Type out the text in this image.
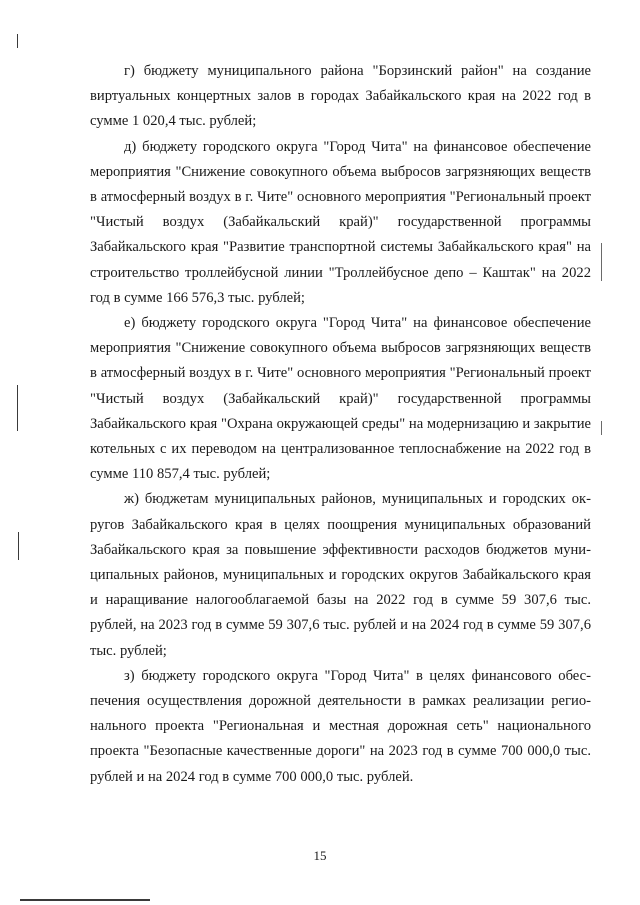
г) бюджету муниципального района "Борзинский район" на создание виртуальных концертных залов в городах Забайкальского края на 2022 год в сумме 1 020,4 тыс. рублей;

д) бюджету городского округа "Город Чита" на финансовое обеспечение мероприятия "Снижение совокупного объема выбросов загрязняющих веществ в атмосферный воздух в г. Чите" основного мероприятия "Региональный проект "Чистый воздух (Забайкальский край)" государственной программы Забайкальского края "Развитие транспортной системы Забайкальского края" на строительство троллейбусной линии "Троллейбусное депо – Каштак" на 2022 год в сумме 166 576,3 тыс. рублей;

е) бюджету городского округа "Город Чита" на финансовое обеспечение мероприятия "Снижение совокупного объема выбросов загрязняющих веществ в атмосферный воздух в г. Чите" основного мероприятия "Региональный проект "Чистый воздух (Забайкальский край)" государственной программы Забайкальского края "Охрана окружающей среды" на модернизацию и закрытие котельных с их переводом на централизованное теплоснабжение на 2022 год в сумме 110 857,4 тыс. рублей;

ж) бюджетам муниципальных районов, муниципальных и городских округов Забайкальского края в целях поощрения муниципальных образований Забайкальского края за повышение эффективности расходов бюджетов муниципальных районов, муниципальных и городских округов Забайкальского края и наращивание налогооблагаемой базы на 2022 год в сумме 59 307,6 тыс. рублей, на 2023 год в сумме 59 307,6 тыс. рублей и на 2024 год в сумме 59 307,6 тыс. рублей;

з) бюджету городского округа "Город Чита" в целях финансового обеспечения осуществления дорожной деятельности в рамках реализации регионального проекта "Региональная и местная дорожная сеть" национального проекта "Безопасные качественные дороги" на 2023 год в сумме 700 000,0 тыс. рублей и на 2024 год в сумме 700 000,0 тыс. рублей.

15
